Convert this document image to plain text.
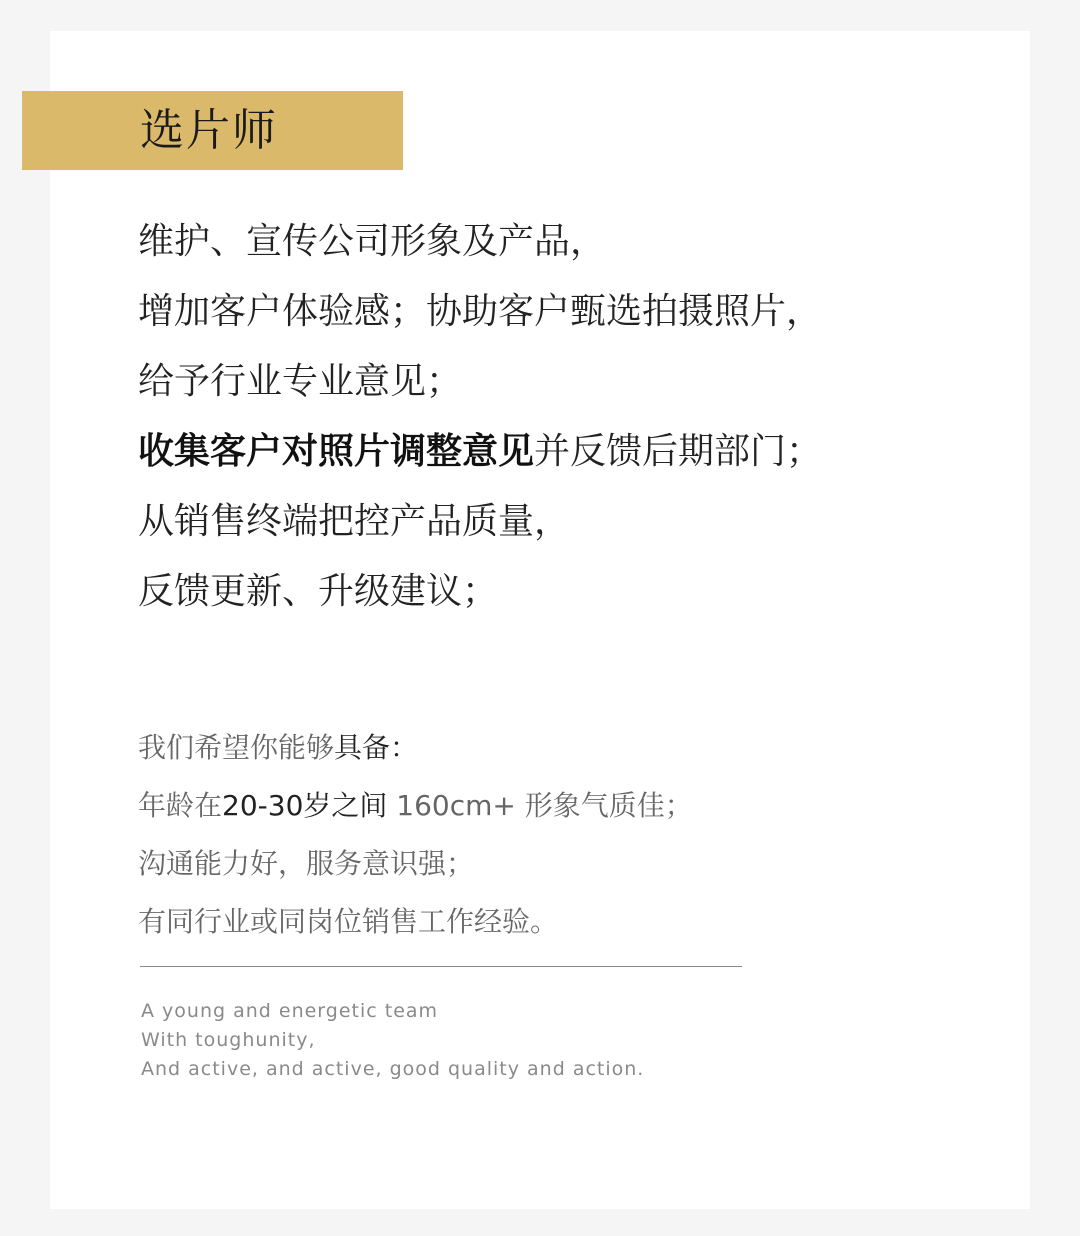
选片师
维护、宣传公司形象及产品，
增加客户体验感；协助客户甄选拍摄照片，
给予行业专业意见；
收集客户对照片调整意见并反馈后期部门；
从销售终端把控产品质量，
反馈更新、升级建议；
我们希望你能够具备：
年龄在20-30岁之间 160cm+ 形象气质佳；
沟通能力好，服务意识强；
有同行业或同岗位销售工作经验。
A young and energetic team
With toughunity,
And active, and active, good quality and action.
